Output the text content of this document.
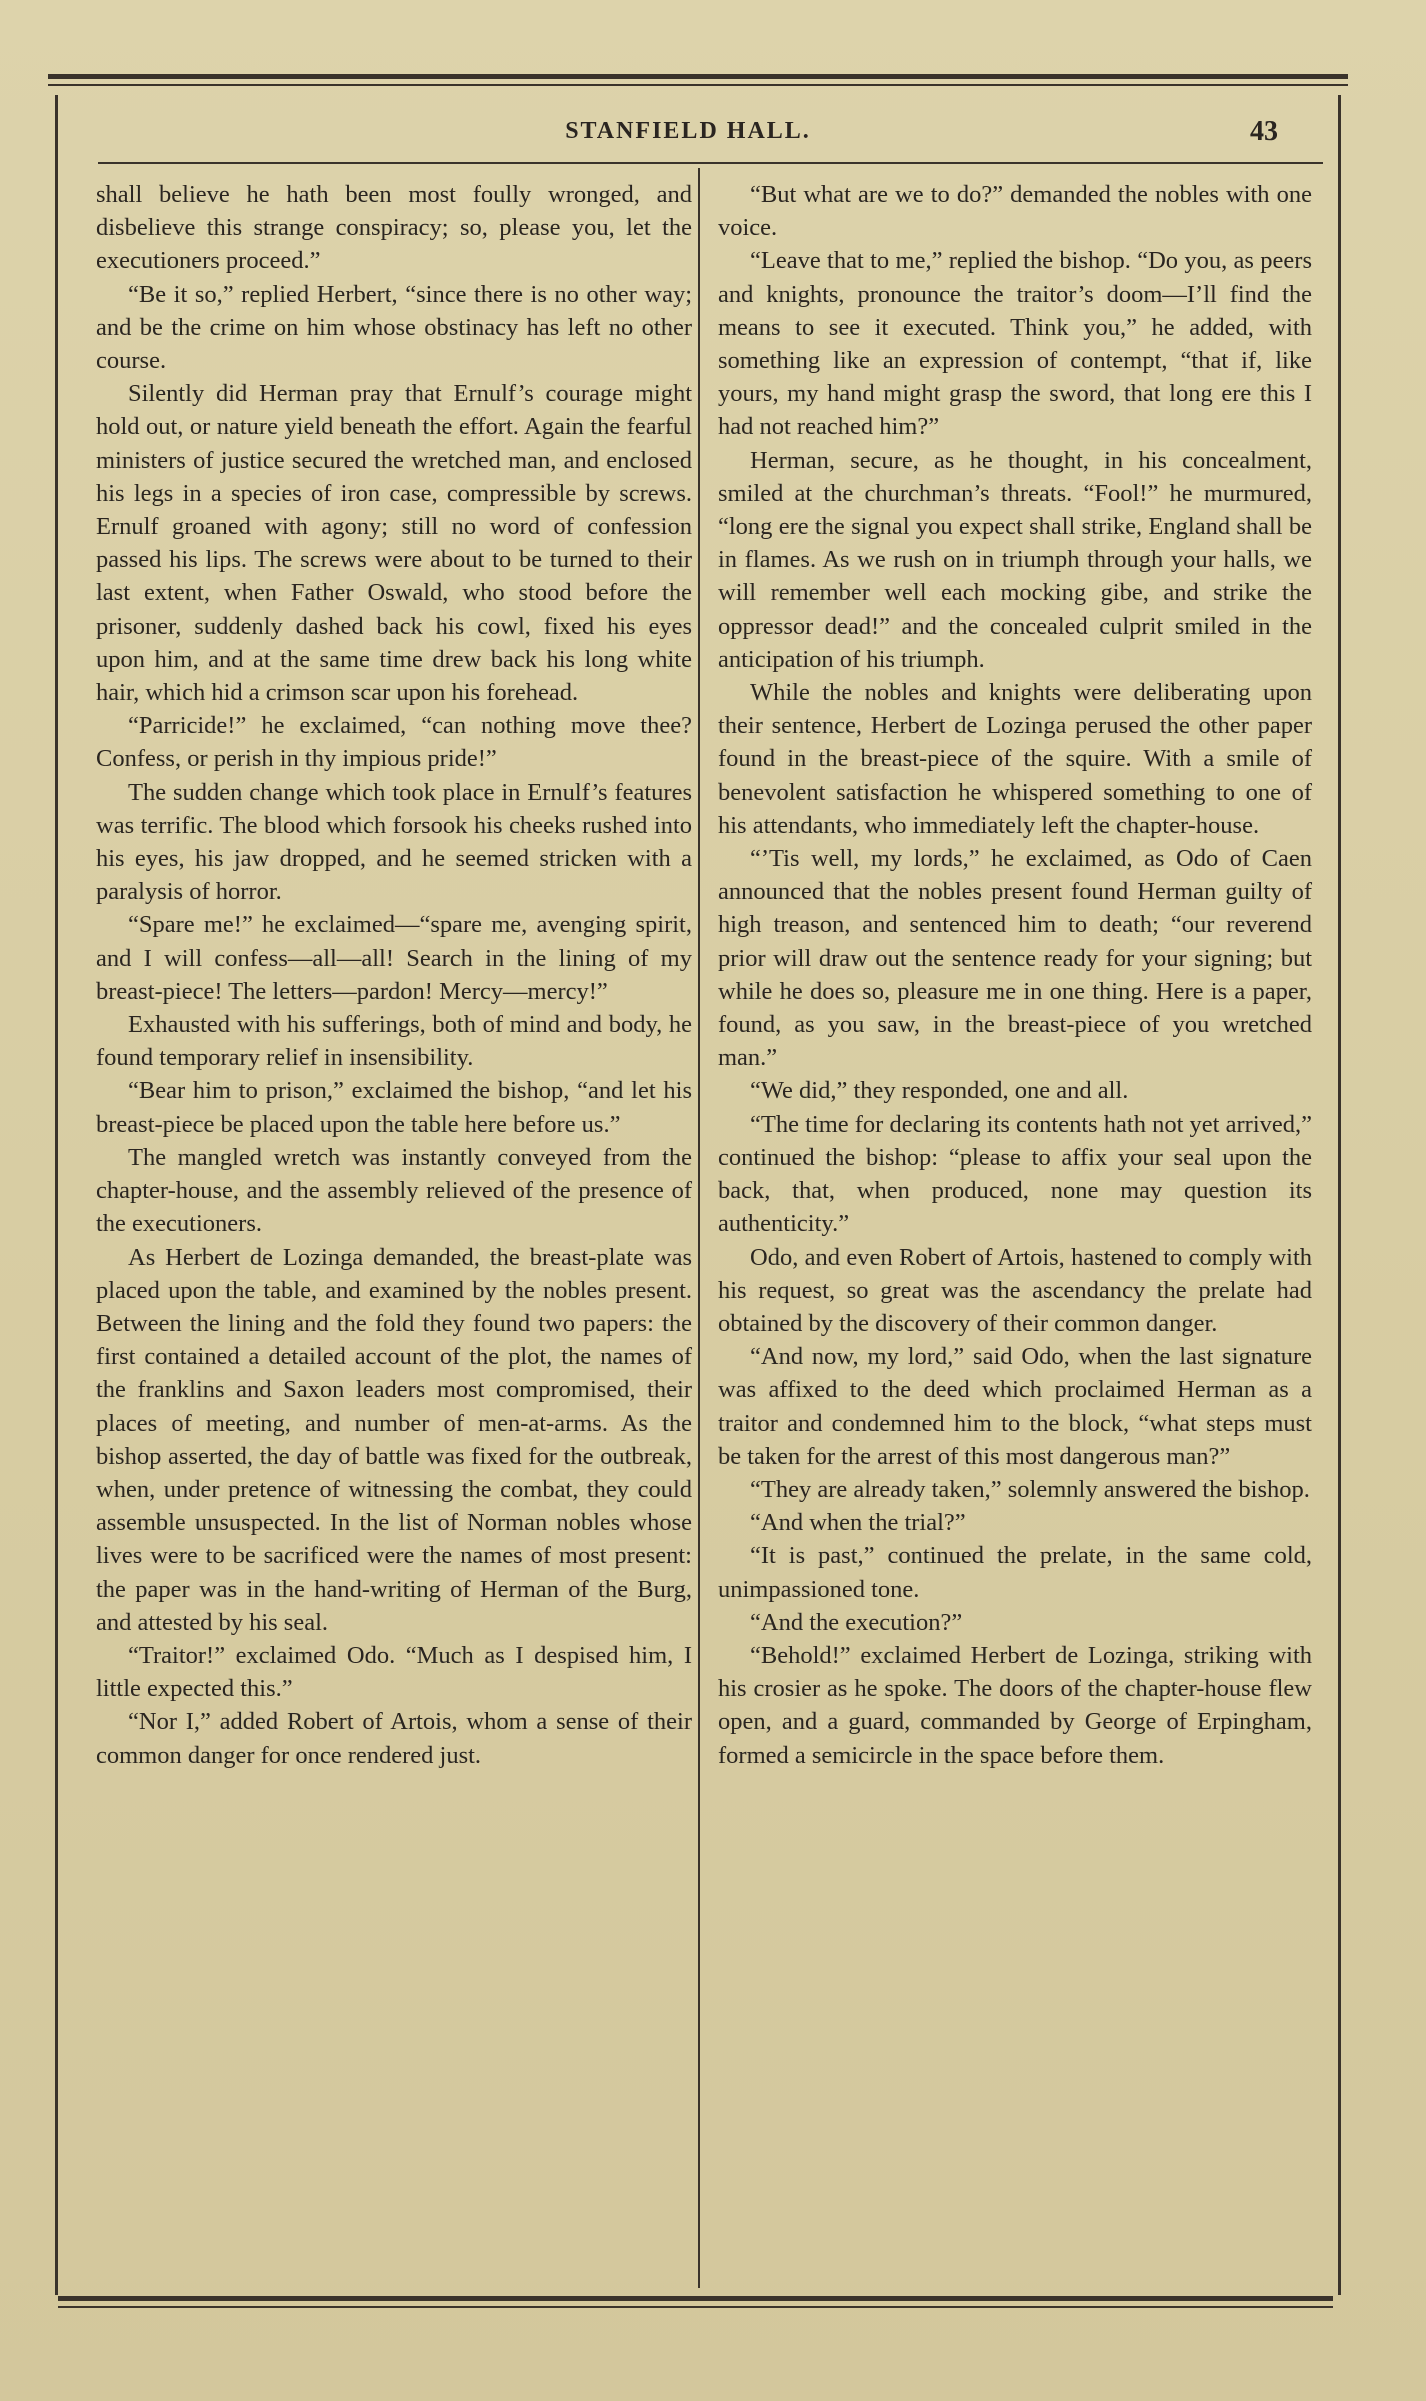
STANFIELD HALL.	43

shall believe he hath been most foully wronged, and disbelieve this strange conspiracy; so, please you, let the executioners proceed.”

“Be it so,” replied Herbert, “since there is no other way; and be the crime on him whose obstinacy has left no other course.

Silently did Herman pray that Ernulf’s courage might hold out, or nature yield beneath the effort. Again the fearful ministers of justice secured the wretched man, and enclosed his legs in a species of iron case, compressible by screws. Ernulf groaned with agony; still no word of confession passed his lips. The screws were about to be turned to their last extent, when Father Oswald, who stood before the prisoner, suddenly dashed back his cowl, fixed his eyes upon him, and at the same time drew back his long white hair, which hid a crimson scar upon his forehead.

“Parricide!” he exclaimed, “can nothing move thee? Confess, or perish in thy impious pride!”

The sudden change which took place in Ernulf’s features was terrific. The blood which forsook his cheeks rushed into his eyes, his jaw dropped, and he seemed stricken with a paralysis of horror.

“Spare me!” he exclaimed—“spare me, avenging spirit, and I will confess—all—all! Search in the lining of my breast-piece! The letters—pardon! Mercy—mercy!”

Exhausted with his sufferings, both of mind and body, he found temporary relief in insensibility.

“Bear him to prison,” exclaimed the bishop, “and let his breast-piece be placed upon the table here before us.”

The mangled wretch was instantly conveyed from the chapter-house, and the assembly relieved of the presence of the executioners.

As Herbert de Lozinga demanded, the breast-plate was placed upon the table, and examined by the nobles present. Between the lining and the fold they found two papers: the first contained a detailed account of the plot, the names of the franklins and Saxon leaders most compromised, their places of meeting, and number of men-at-arms. As the bishop asserted, the day of battle was fixed for the outbreak, when, under pretence of witnessing the combat, they could assemble unsuspected. In the list of Norman nobles whose lives were to be sacrificed were the names of most present: the paper was in the hand-writing of Herman of the Burg, and attested by his seal.

“Traitor!” exclaimed Odo. “Much as I despised him, I little expected this.”

“Nor I,” added Robert of Artois, whom a sense of their common danger for once rendered just.

“But what are we to do?” demanded the nobles with one voice.

“Leave that to me,” replied the bishop. “Do you, as peers and knights, pronounce the traitor’s doom—I’ll find the means to see it executed. Think you,” he added, with something like an expression of contempt, “that if, like yours, my hand might grasp the sword, that long ere this I had not reached him?”

Herman, secure, as he thought, in his concealment, smiled at the churchman’s threats. “Fool!” he murmured, “long ere the signal you expect shall strike, England shall be in flames. As we rush on in triumph through your halls, we will remember well each mocking gibe, and strike the oppressor dead!” and the concealed culprit smiled in the anticipation of his triumph.

While the nobles and knights were deliberating upon their sentence, Herbert de Lozinga perused the other paper found in the breast-piece of the squire. With a smile of benevolent satisfaction he whispered something to one of his attendants, who immediately left the chapter-house.

“’Tis well, my lords,” he exclaimed, as Odo of Caen announced that the nobles present found Herman guilty of high treason, and sentenced him to death; “our reverend prior will draw out the sentence ready for your signing; but while he does so, pleasure me in one thing. Here is a paper, found, as you saw, in the breast-piece of you wretched man.”

“We did,” they responded, one and all.

“The time for declaring its contents hath not yet arrived,” continued the bishop: “please to affix your seal upon the back, that, when produced, none may question its authenticity.”

Odo, and even Robert of Artois, hastened to comply with his request, so great was the ascendancy the prelate had obtained by the discovery of their common danger.

“And now, my lord,” said Odo, when the last signature was affixed to the deed which proclaimed Herman as a traitor and condemned him to the block, “what steps must be taken for the arrest of this most dangerous man?”

“They are already taken,” solemnly answered the bishop.

“And when the trial?”

“It is past,” continued the prelate, in the same cold, unimpassioned tone.

“And the execution?”

“Behold!” exclaimed Herbert de Lozinga, striking with his crosier as he spoke. The doors of the chapter-house flew open, and a guard, commanded by George of Erpingham, formed a semicircle in the space before them.
